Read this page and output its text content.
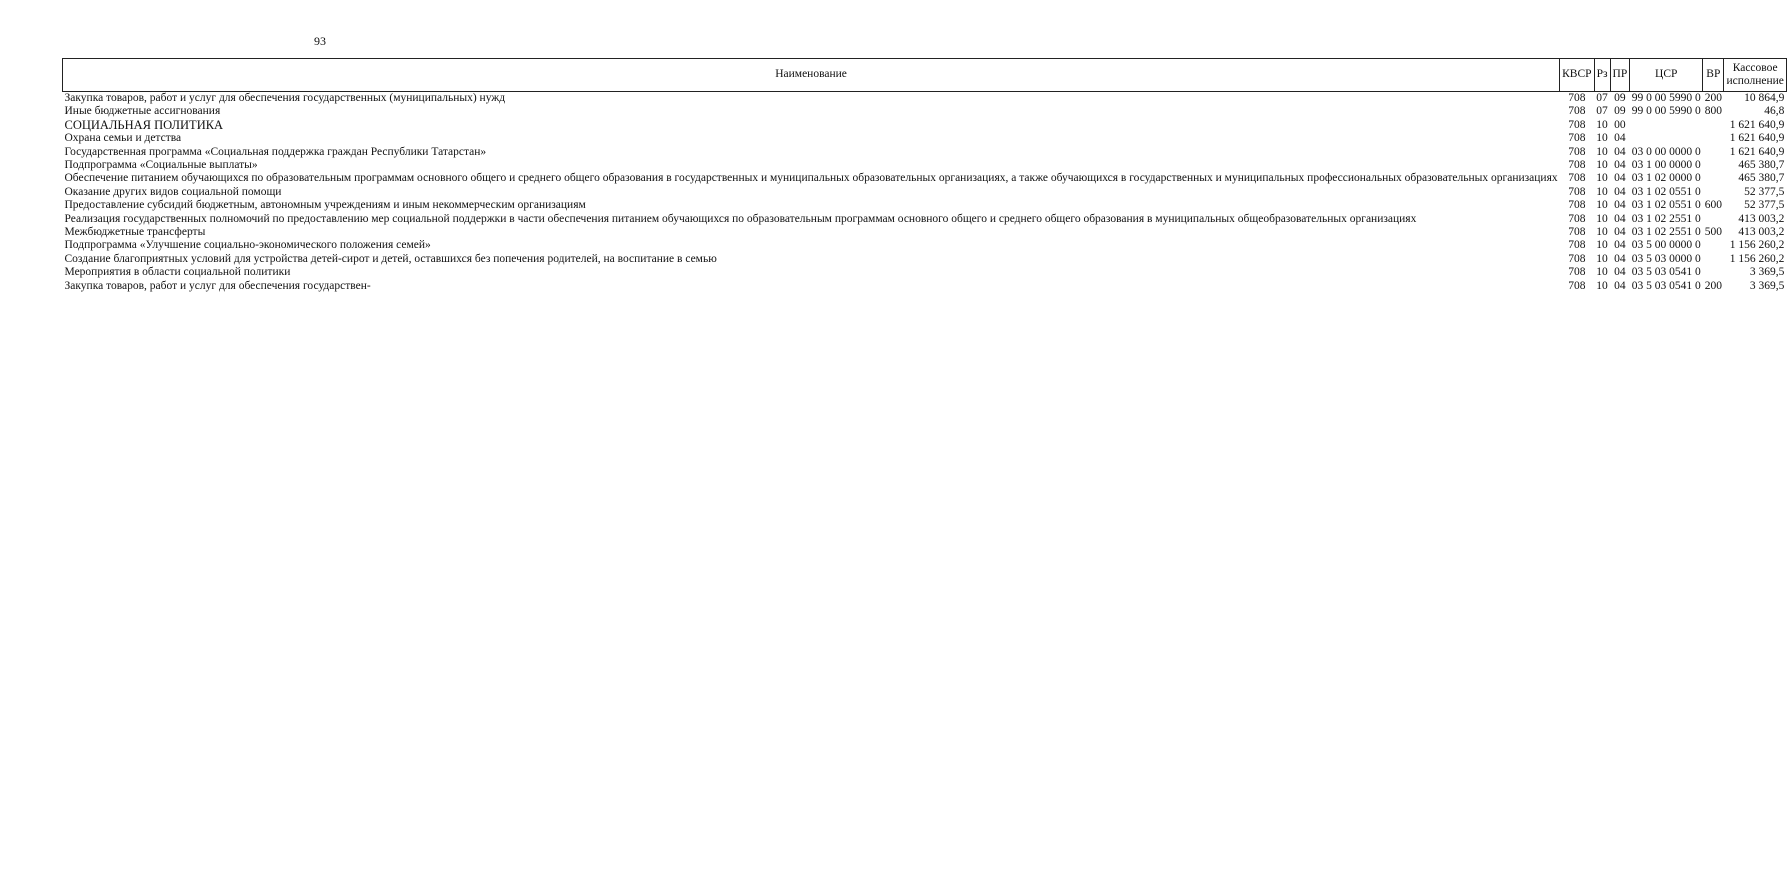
93
Наименование	КВСР	Рз	ПР	ЦСР	ВР	Кассовое исполнение
Закупка товаров, работ и услуг для обеспечения государственных (муниципальных) нужд	708	07	09	99 0 00 5990 0	200	10 864,9
Иные бюджетные ассигнования	708	07	09	99 0 00 5990 0	800	46,8
СОЦИАЛЬНАЯ ПОЛИТИКА	708	10	00			1 621 640,9
Охрана семьи и детства	708	10	04			1 621 640,9
Государственная программа «Социальная поддержка граждан Республики Татарстан»	708	10	04	03 0 00 0000 0		1 621 640,9
Подпрограмма «Социальные выплаты»	708	10	04	03 1 00 0000 0		465 380,7
Обеспечение питанием обучающихся по образовательным программам основного общего и среднего общего образования в государственных и муниципальных образовательных организациях, а также обучающихся в государственных и муниципальных профессиональных образовательных организациях	708	10	04	03 1 02 0000 0		465 380,7
Оказание других видов социальной помощи	708	10	04	03 1 02 0551 0		52 377,5
Предоставление субсидий бюджетным, автономным учреждениям и иным некоммерческим организациям	708	10	04	03 1 02 0551 0	600	52 377,5
Реализация государственных полномочий по предоставлению мер социальной поддержки в части обеспечения питанием обучающихся по образовательным программам основного общего и среднего общего образования в муниципальных общеобразовательных организациях	708	10	04	03 1 02 2551 0		413 003,2
Межбюджетные трансферты	708	10	04	03 1 02 2551 0	500	413 003,2
Подпрограмма «Улучшение социально-экономического положения семей»	708	10	04	03 5 00 0000 0		1 156 260,2
Создание благоприятных условий для устройства детей-сирот и детей, оставшихся без попечения родителей, на воспитание в семью	708	10	04	03 5 03 0000 0		1 156 260,2
Мероприятия в области социальной политики	708	10	04	03 5 03 0541 0		3 369,5
Закупка товаров, работ и услуг для обеспечения государствен-	708	10	04	03 5 03 0541 0	200	3 369,5
